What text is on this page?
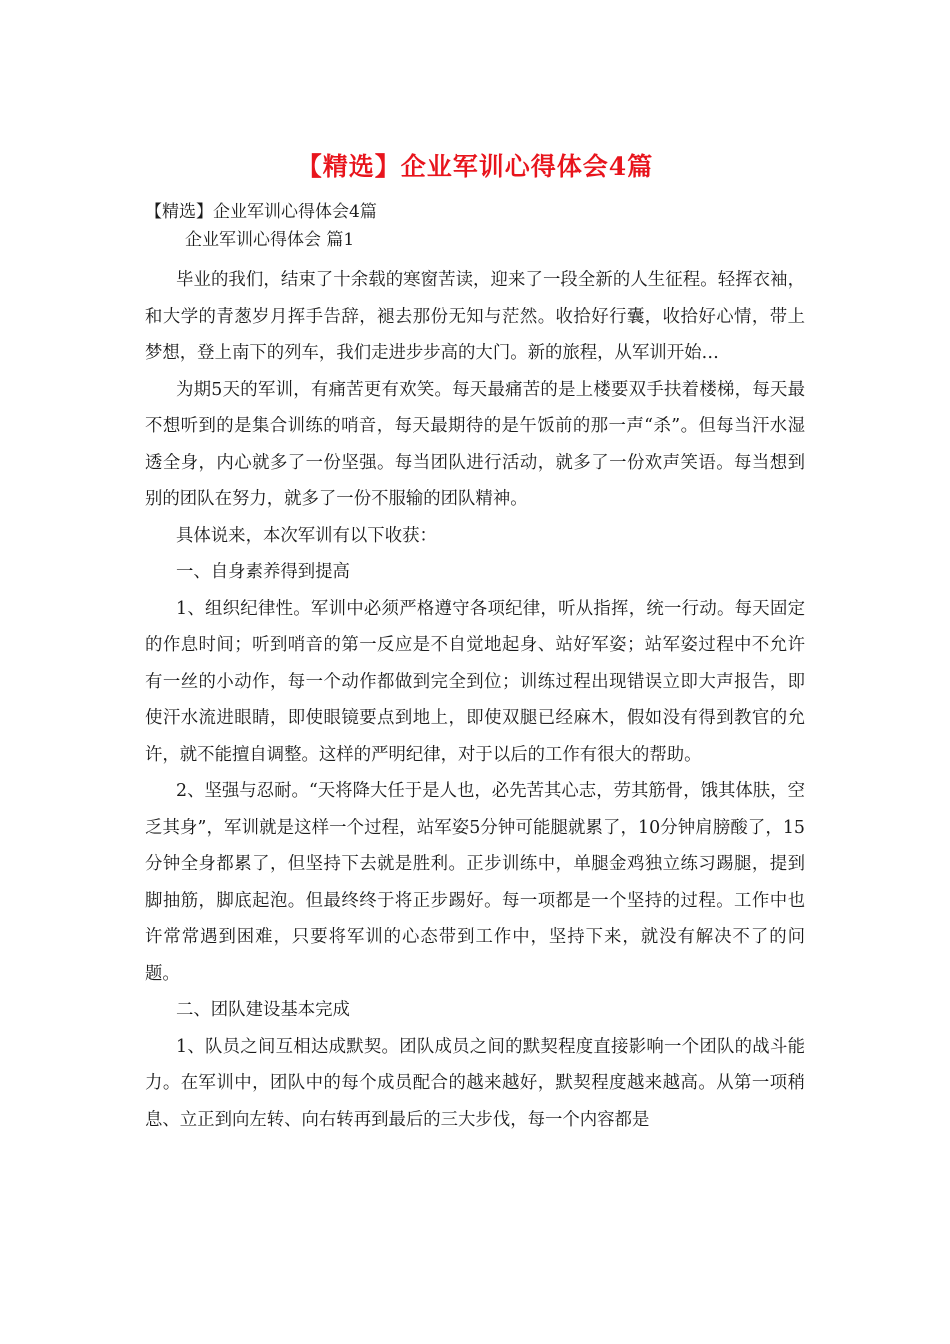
【精选】企业军训心得体会4篇

【精选】企业军训心得体会4篇

企业军训心得体会 篇1

毕业的我们，结束了十余载的寒窗苦读，迎来了一段全新的人生征程。轻挥衣袖，和大学的青葱岁月挥手告辞，褪去那份无知与茫然。收拾好行囊，收拾好心情，带上梦想，登上南下的列车，我们走进步步高的大门。新的旅程，从军训开始…

为期5天的军训，有痛苦更有欢笑。每天最痛苦的是上楼要双手扶着楼梯，每天最不想听到的是集合训练的哨音，每天最期待的是午饭前的那一声“杀”。但每当汗水湿透全身，内心就多了一份坚强。每当团队进行活动，就多了一份欢声笑语。每当想到别的团队在努力，就多了一份不服输的团队精神。

具体说来，本次军训有以下收获：

一、自身素养得到提高

1、组织纪律性。军训中必须严格遵守各项纪律，听从指挥，统一行动。每天固定的作息时间；听到哨音的第一反应是不自觉地起身、站好军姿；站军姿过程中不允许有一丝的小动作，每一个动作都做到完全到位；训练过程出现错误立即大声报告，即使汗水流进眼睛，即使眼镜要点到地上，即使双腿已经麻木，假如没有得到教官的允许，就不能擅自调整。这样的严明纪律，对于以后的工作有很大的帮助。

2、坚强与忍耐。“天将降大任于是人也，必先苦其心志，劳其筋骨，饿其体肤，空乏其身”，军训就是这样一个过程，站军姿5分钟可能腿就累了，10分钟肩膀酸了，15分钟全身都累了，但坚持下去就是胜利。正步训练中，单腿金鸡独立练习踢腿，提到脚抽筋，脚底起泡。但最终终于将正步踢好。每一项都是一个坚持的过程。工作中也许常常遇到困难，只要将军训的心态带到工作中，坚持下来，就没有解决不了的问题。

二、团队建设基本完成

1、队员之间互相达成默契。团队成员之间的默契程度直接影响一个团队的战斗能力。在军训中，团队中的每个成员配合的越来越好，默契程度越来越高。从第一项稍息、立正到向左转、向右转再到最后的三大步伐，每一个内容都是
